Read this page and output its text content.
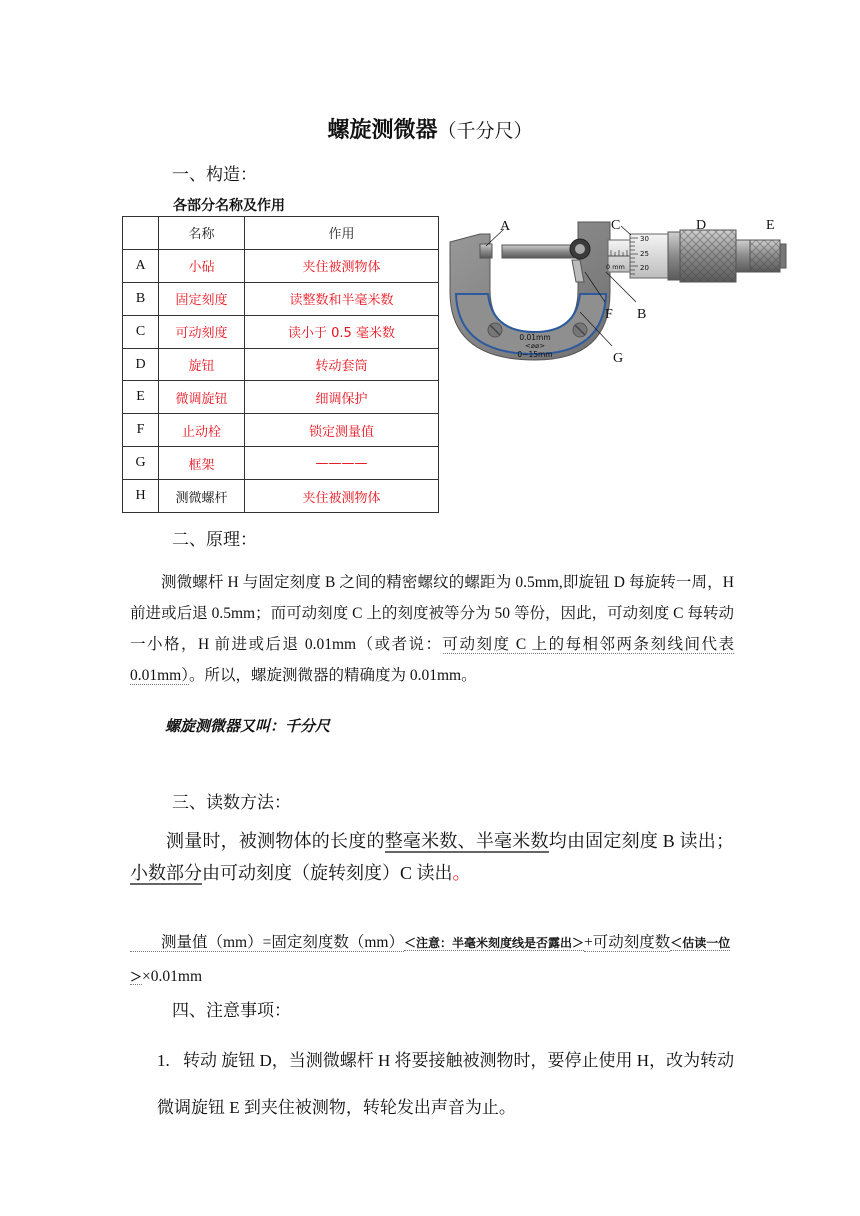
螺旋测微器（千分尺）
一、构造：
各部分名称及作用
	名称	作用
A	小砧	夹住被测物体
B	固定刻度	读整数和半毫米数
C	可动刻度	读小于 0.5 毫米数
D	旋钮	转动套筒
E	微调旋钮	细调保护
F	止动栓	锁定测量值
G	框架	————
H	测微螺杆	夹住被测物体
0.01mm
<⌀⌀>
0~15mm
0 mm
30
25
20
A	C	D	E
F B
G
二、原理：
测微螺杆 H 与固定刻度 B 之间的精密螺纹的螺距为 0.5mm,即旋钮 D 每旋转一周，H 前进或后退 0.5mm；而可动刻度 C 上的刻度被等分为 50 等份，因此，可动刻度 C 每转动一小格，H 前进或后退 0.01mm（或者说：可动刻度 C 上的每相邻两条刻线间代表 0.01mm）。所以，螺旋测微器的精确度为 0.01mm。
螺旋测微器又叫：千分尺
三、读数方法：
测量时，被测物体的长度的整毫米数、半毫米数均由固定刻度 B 读出；小数部分由可动刻度（旋转刻度）C 读出。
测量值（mm）=固定刻度数（mm）＜注意：半毫米刻度线是否露出＞+可动刻度数＜估读一位＞×0.01mm
四、注意事项：
1. 转动 旋钮 D，当测微螺杆 H 将要接触被测物时，要停止使用 H，改为转动微调旋钮 E 到夹住被测物，转轮发出声音为止。
